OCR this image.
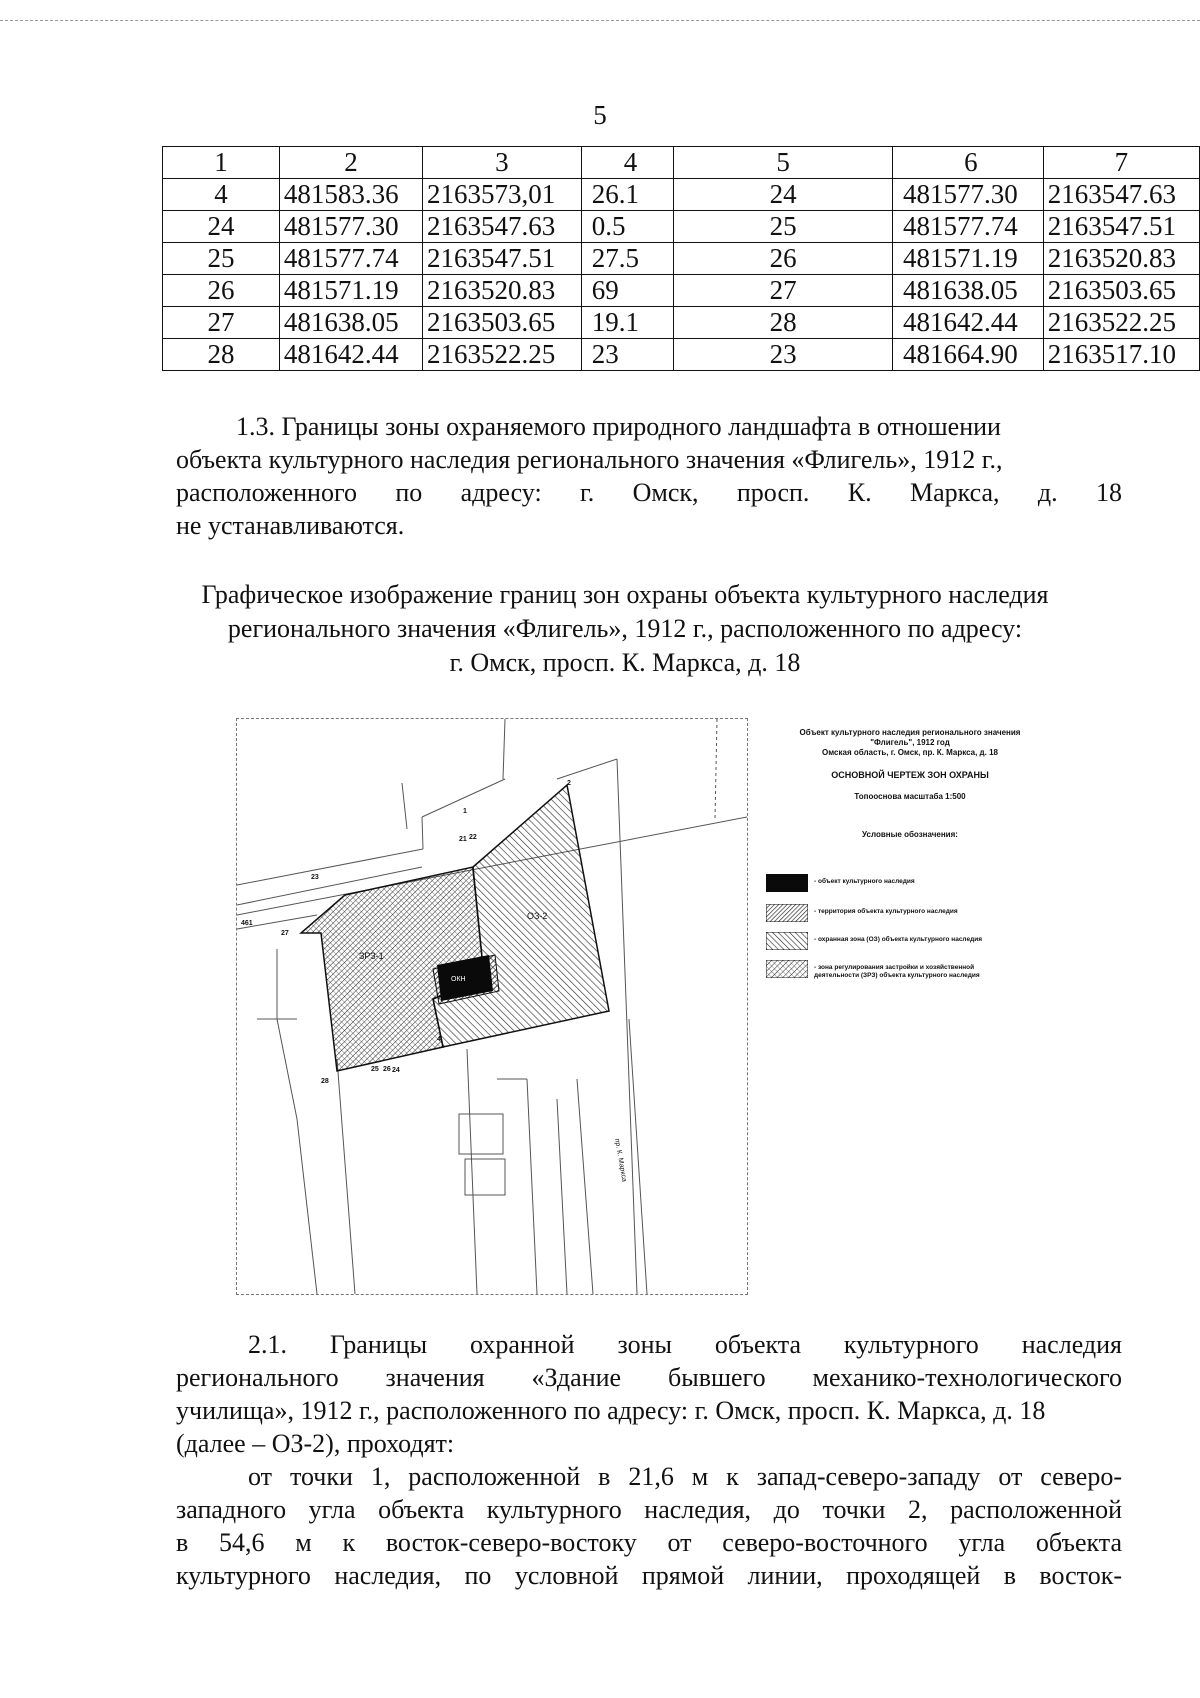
5
1	2	3	4	5	6	7
4	481583.36	2163573,01	26.1	24	481577.30	2163547.63
24	481577.30	2163547.63	0.5	25	481577.74	2163547.51
25	481577.74	2163547.51	27.5	26	481571.19	2163520.83
26	481571.19	2163520.83	69	27	481638.05	2163503.65
27	481638.05	2163503.65	19.1	28	481642.44	2163522.25
28	481642.44	2163522.25	23	23	481664.90	2163517.10

1.3. Границы зоны охраняемого природного ландшафта в отношении

объекта культурного наследия регионального значения «Флигель», 1912 г.,

расположенного по адресу: г. Омск, просп. К. Маркса, д. 18

не устанавливаются.

Графическое изображение границ зон охраны объекта культурного наследия
регионального значения «Флигель», 1912 г., расположенного по адресу:
г. Омск, просп. К. Маркса, д. 18
1
2
21 22
23
4
25 26 24
27
28
461
ОЗ-2
ЗРЗ-1
ОКН
пр. К. Маркса

Объект культурного наследия регионального значения

"Флигель", 1912 год

Омская область, г. Омск, пр. К. Маркса, д. 18

ОСНОВНОЙ ЧЕРТЕЖ ЗОН ОХРАНЫ

Топооснова масштаба 1:500

Условные обозначения:

- объект культурного наследия
- территория объекта культурного наследия
- охранная зона (ОЗ) объекта культурного наследия
- зона регулирования застройки и хозяйственной
деятельности (ЗРЗ) объекта культурного наследия

2.1. Границы охранной зоны объекта культурного наследия

регионального значения «Здание бывшего механико-технологического

училища», 1912 г., расположенного по адресу: г. Омск, просп. К. Маркса, д. 18

(далее – ОЗ-2), проходят:

от точки 1, расположенной в 21,6 м к запад-северо-западу от северо-

западного угла объекта культурного наследия, до точки 2, расположенной

в 54,6 м к восток-северо-востоку от северо-восточного угла объекта

культурного наследия, по условной прямой линии, проходящей в восток-
